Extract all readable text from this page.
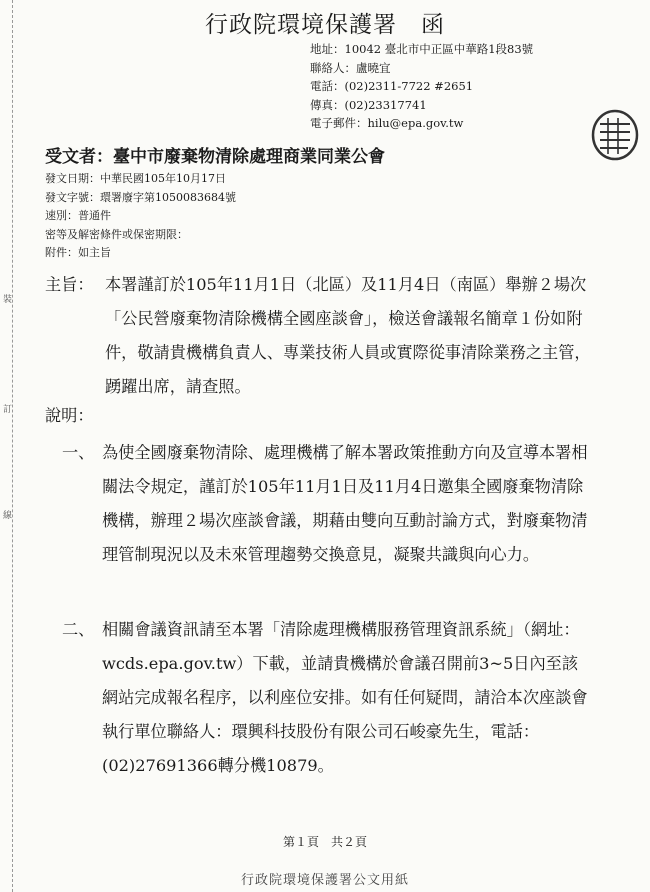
裝
訂
線
行政院環境保護署　函
地址：10042 臺北市中正區中華路1段83號
聯絡人：盧曉宜
電話：(02)2311-7722 #2651
傳真：(02)23317741
電子郵件：hilu@epa.gov.tw
受文者：臺中市廢棄物清除處理商業同業公會
發文日期：中華民國105年10月17日
發文字號：環署廢字第1050083684號
速別：普通件
密等及解密條件或保密期限：
附件：如主旨
主旨： 本署謹訂於105年11月1日（北區）及11月4日（南區）舉辦２場次「公民營廢棄物清除機構全國座談會」，檢送會議報名簡章１份如附件，敬請貴機構負責人、專業技術人員或實際從事清除業務之主管，踴躍出席，請查照。
說明：
一、 為使全國廢棄物清除、處理機構了解本署政策推動方向及宣導本署相關法令規定，謹訂於105年11月1日及11月4日邀集全國廢棄物清除機構，辦理２場次座談會議，期藉由雙向互動討論方式，對廢棄物清理管制現況以及未來管理趨勢交換意見，凝聚共識與向心力。
二、 相關會議資訊請至本署「清除處理機構服務管理資訊系統」（網址：wcds.epa.gov.tw）下載，並請貴機構於會議召開前3~5日內至該網站完成報名程序，以利座位安排。如有任何疑問，請洽本次座談會執行單位聯絡人：環興科技股份有限公司石峻豪先生，電話：(02)27691366轉分機10879。
第１頁　共２頁
行政院環境保護署公文用紙
